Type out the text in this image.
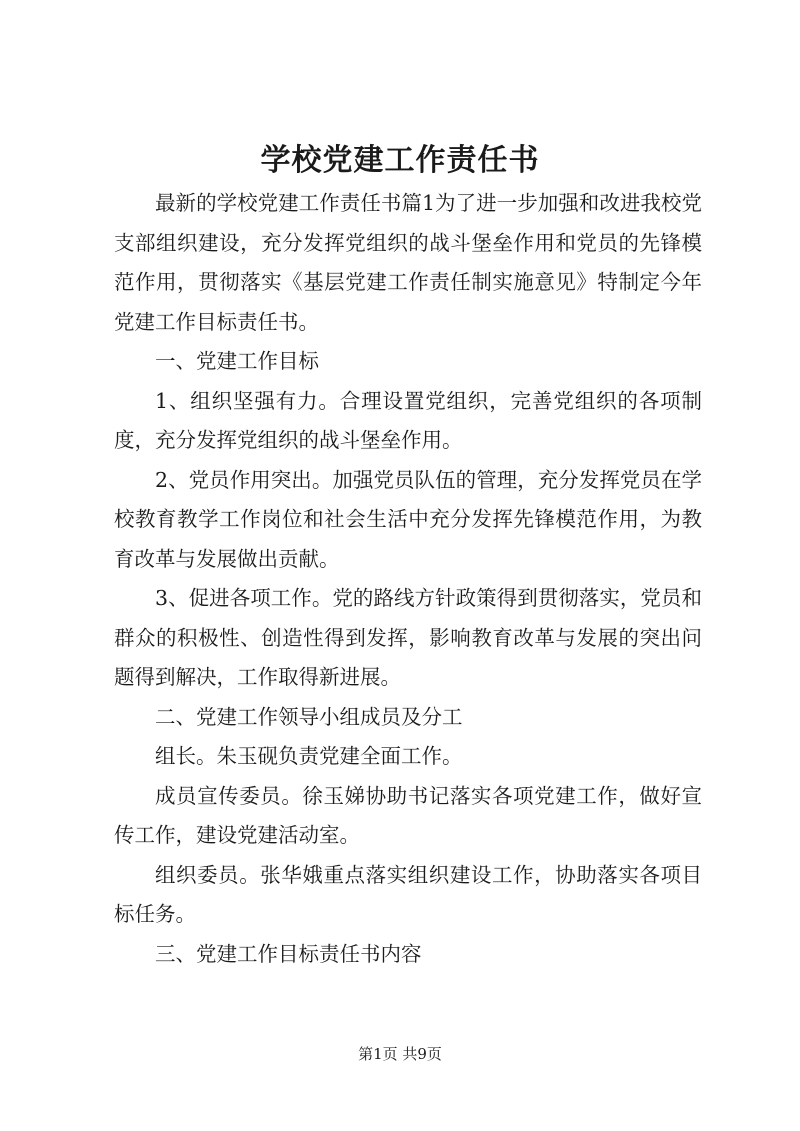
学校党建工作责任书

最新的学校党建工作责任书篇1为了进一步加强和改进我校党支部组织建设，充分发挥党组织的战斗堡垒作用和党员的先锋模范作用，贯彻落实《基层党建工作责任制实施意见》特制定今年党建工作目标责任书。

一、党建工作目标

1、组织坚强有力。合理设置党组织，完善党组织的各项制度，充分发挥党组织的战斗堡垒作用。

2、党员作用突出。加强党员队伍的管理，充分发挥党员在学校教育教学工作岗位和社会生活中充分发挥先锋模范作用，为教育改革与发展做出贡献。

3、促进各项工作。党的路线方针政策得到贯彻落实，党员和群众的积极性、创造性得到发挥，影响教育改革与发展的突出问题得到解决，工作取得新进展。

二、党建工作领导小组成员及分工

组长。朱玉砚负责党建全面工作。

成员宣传委员。徐玉娣协助书记落实各项党建工作，做好宣传工作，建设党建活动室。

组织委员。张华娥重点落实组织建设工作，协助落实各项目标任务。

三、党建工作目标责任书内容

第1页 共9页
